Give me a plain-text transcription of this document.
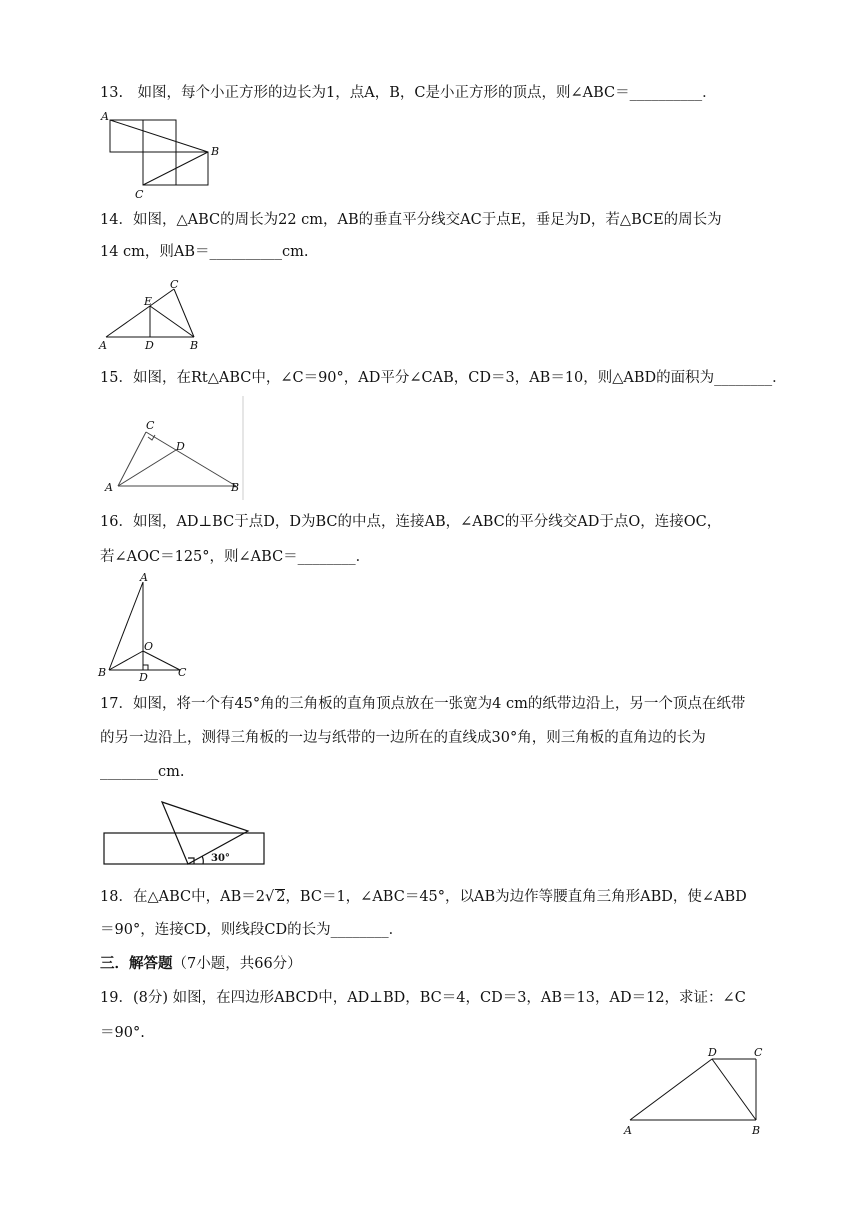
13.　如图，每个小正方形的边长为1，点A，B，C是小正方形的顶点，则∠ABC＝__________．
A
B
C
14．如图，△ABC的周长为22 cm，AB的垂直平分线交AC于点E，垂足为D，若△BCE的周长为
14 cm，则AB＝__________cm.
A	D	B
E
C
15．如图，在Rt△ABC中，∠C＝90°，AD平分∠CAB，CD＝3，AB＝10，则△ABD的面积为________．
C
D
A	B
16．如图，AD⊥BC于点D，D为BC的中点，连接AB，∠ABC的平分线交AD于点O，连接OC，
若∠AOC＝125°，则∠ABC＝________．
A
O
B	D	C
17．如图，将一个有45°角的三角板的直角顶点放在一张宽为4 cm的纸带边沿上，另一个顶点在纸带
的另一边沿上，测得三角板的一边与纸带的一边所在的直线成30°角，则三角板的直角边的长为
________cm.
30°
18．在△ABC中，AB＝2√ 2，BC＝1，∠ABC＝45°，以AB为边作等腰直角三角形ABD，使∠ABD
＝90°，连接CD，则线段CD的长为________．
三．解答题（7小题，共66分）
19．(8分) 如图，在四边形ABCD中，AD⊥BD，BC＝4，CD＝3，AB＝13，AD＝12，求证：∠C
＝90°.
D	C
A	B
